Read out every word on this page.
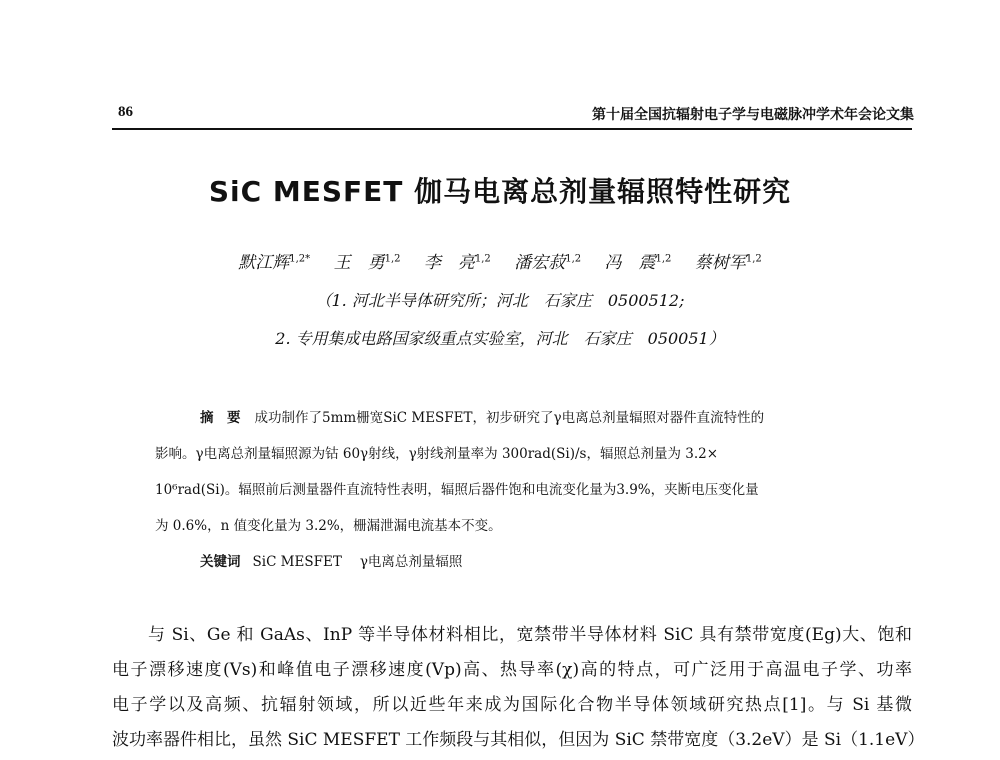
86	第十届全国抗辐射电子学与电磁脉冲学术年会论文集
SiC MESFET 伽马电离总剂量辐照特性研究
默江辉$^{1,2*}$ 王　勇$^{1,2}$ 李　亮$^{1,2}$ 潘宏菽$^{1,2}$ 冯　震$^{1,2}$ 蔡树军$^{1,2}$
（1. 河北半导体研究所；河北　石家庄　0500512;
2. 专用集成电路国家级重点实验室，河北　石家庄　050051）
摘　要 成功制作了5mm栅宽SiC MESFET，初步研究了γ电离总剂量辐照对器件直流特性的
影响。γ电离总剂量辐照源为钴 60γ射线，γ射线剂量率为 300rad(Si)/s，辐照总剂量为 3.2×
10⁶rad(Si)。辐照前后测量器件直流特性表明，辐照后器件饱和电流变化量为3.9%，夹断电压变化量
为 0.6%，n 值变化量为 3.2%，栅漏泄漏电流基本不变。
关键词 SiC MESFET γ电离总剂量辐照
与 Si、Ge 和 GaAs、InP 等半导体材料相比，宽禁带半导体材料 SiC 具有禁带宽度(Eg)大、饱和
电子漂移速度(Vs)和峰值电子漂移速度(Vp)高、热导率(χ)高的特点，可广泛用于高温电子学、功率
电子学以及高频、抗辐射领域，所以近些年来成为国际化合物半导体领域研究热点[1]。与 Si 基微
波功率器件相比，虽然 SiC MESFET 工作频段与其相似，但因为 SiC 禁带宽度（3.2eV）是 Si（1.1eV）
